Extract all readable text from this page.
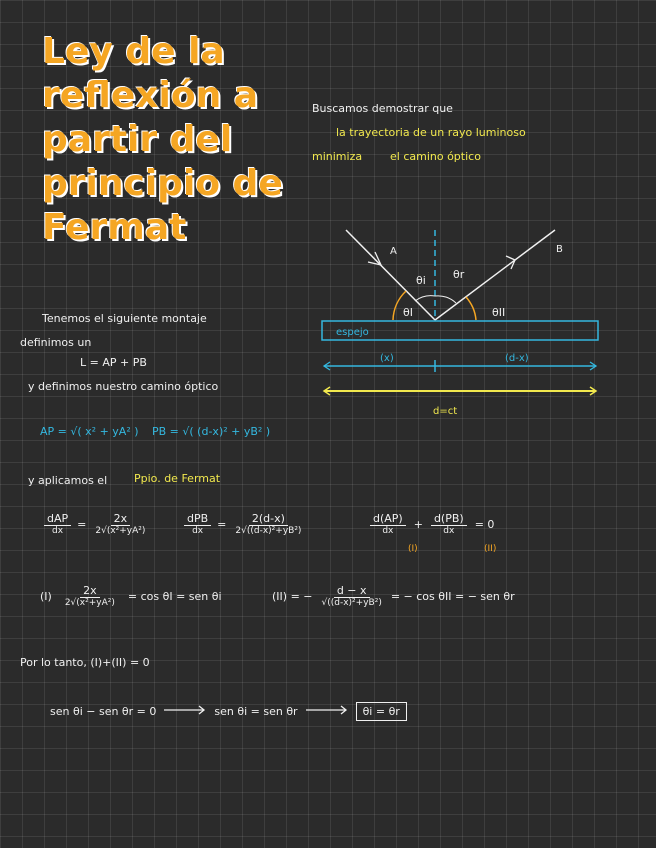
Ley de la
reflexión a
partir del
principio de
Fermat
Buscamos demostrar que
la trayectoria de un rayo luminoso
minimiza	el camino óptico
A	B
θi θr
θI	θII
espejo
(x)	(d-x)
d=ct
Tenemos el siguiente montaje
definimos un
L = AP + PB
y definimos nuestro camino óptico
AP = √( x² + yA² ) PB = √( (d-x)² + yB² )
y aplicamos el Ppio. de Fermat
$\frac{\text{dAP}}{dx} = \frac{2x}{\text{2√(x²+yA²)}}$	$\frac{\text{dPB}}{dx} = \frac{2(d-x)}{\text{2√((d-x)²+yB²)}}$	$\frac{d(AP)}{dx} + \frac{d(PB)}{dx} = 0$
(I)	(II)
$(I) \frac{2x}{\text{2√(x²+yA²)}} = \cos \theta I$ = sen θi	(II) = − $\frac{d - x}{\text{√((d-x)²+yB²)}}$ = − cos θII = − sen θr
Por lo tanto, (I)+(II) = 0
sen θi − sen θr = 0	sen θi = sen θr	θi = θr
